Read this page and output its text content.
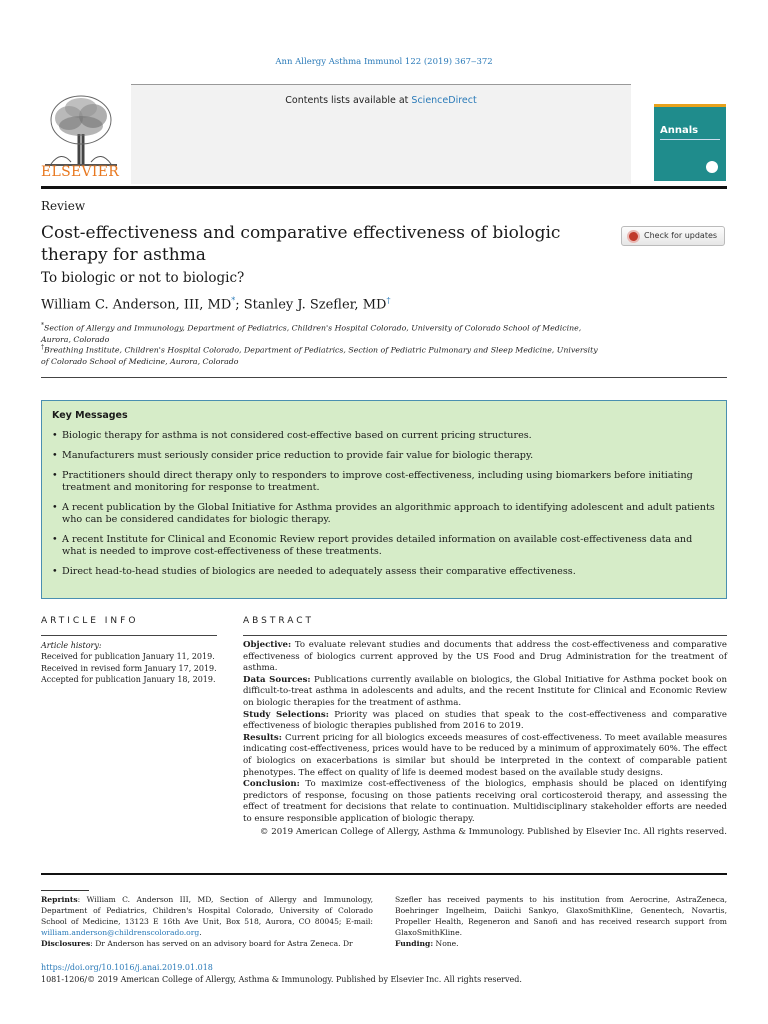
Ann Allergy Asthma Immunol 122 (2019) 367‒372
ELSEVIER
Contents lists available at ScienceDirect
Annals
Review
Cost-effectiveness and comparative effectiveness of biologic therapy for asthma
Check for updates
To biologic or not to biologic?
William C. Anderson, III, MD*; Stanley J. Szefler, MD†
*Section of Allergy and Immunology, Department of Pediatrics, Children's Hospital Colorado, University of Colorado School of Medicine, Aurora, Colorado
†Breathing Institute, Children's Hospital Colorado, Department of Pediatrics, Section of Pediatric Pulmonary and Sleep Medicine, University of Colorado School of Medicine, Aurora, Colorado
Key Messages
• Biologic therapy for asthma is not considered cost-effective based on current pricing structures.
• Manufacturers must seriously consider price reduction to provide fair value for biologic therapy.
• Practitioners should direct therapy only to responders to improve cost-effectiveness, including using biomarkers before initiating treatment and monitoring for response to treatment.
• A recent publication by the Global Initiative for Asthma provides an algorithmic approach to identifying adolescent and adult patients who can be considered candidates for biologic therapy.
• A recent Institute for Clinical and Economic Review report provides detailed information on available cost-effectiveness data and what is needed to improve cost-effectiveness of these treatments.
• Direct head-to-head studies of biologics are needed to adequately assess their comparative effectiveness.
ARTICLE INFO	ABSTRACT
Article history:
Received for publication January 11, 2019.
Received in revised form January 17, 2019.
Accepted for publication January 18, 2019.
Objective: To evaluate relevant studies and documents that address the cost-effectiveness and comparative effectiveness of biologics current approved by the US Food and Drug Administration for the treatment of asthma.
Data Sources: Publications currently available on biologics, the Global Initiative for Asthma pocket book on difficult-to-treat asthma in adolescents and adults, and the recent Institute for Clinical and Economic Review on biologic therapies for the treatment of asthma.
Study Selections: Priority was placed on studies that speak to the cost-effectiveness and comparative effectiveness of biologic therapies published from 2016 to 2019.
Results: Current pricing for all biologics exceeds measures of cost-effectiveness. To meet available measures indicating cost-effectiveness, prices would have to be reduced by a minimum of approximately 60%. The effect of biologics on exacerbations is similar but should be interpreted in the context of comparable patient phenotypes. The effect on quality of life is deemed modest based on the available study designs.
Conclusion: To maximize cost-effectiveness of the biologics, emphasis should be placed on identifying predictors of response, focusing on those patients receiving oral corticosteroid therapy, and assessing the effect of treatment for decisions that relate to continuation. Multidisciplinary stakeholder efforts are needed to ensure responsible application of biologic therapy.
© 2019 American College of Allergy, Asthma & Immunology. Published by Elsevier Inc. All rights reserved.
Reprints: William C. Anderson III, MD, Section of Allergy and Immunology, Department of Pediatrics, Children's Hospital Colorado, University of Colorado School of Medicine, 13123 E 16th Ave Unit, Box 518, Aurora, CO 80045; E-mail: william.anderson@childrenscolorado.org.
Disclosures: Dr Anderson has served on an advisory board for Astra Zeneca. Dr
Szefler has received payments to his institution from Aerocrine, AstraZeneca, Boehringer Ingelheim, Daiichi Sankyo, GlaxoSmithKline, Genentech, Novartis, Propeller Health, Regeneron and Sanofi and has received research support from GlaxoSmithKline.
Funding: None.
https://doi.org/10.1016/j.anai.2019.01.018
1081-1206/© 2019 American College of Allergy, Asthma & Immunology. Published by Elsevier Inc. All rights reserved.
